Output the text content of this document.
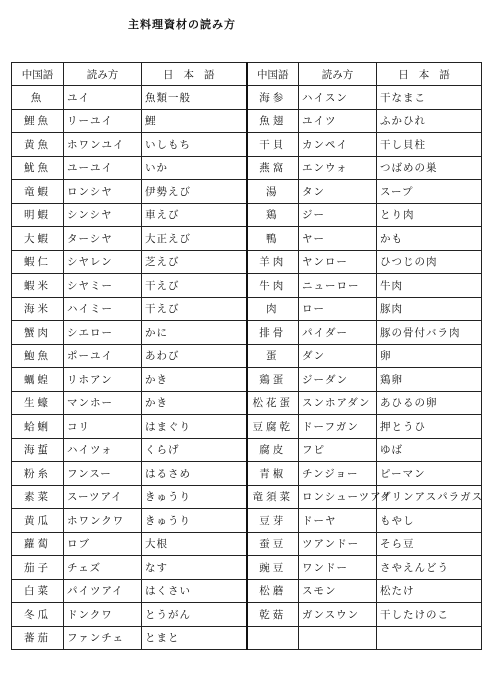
主料理資材の読み方
中国語	読み方	日本語	中国語	読み方	日本語
魚	ユイ	魚類一般	海参	ハイスン	干なまこ
鯉魚	リーユイ	鯉	魚翅	ユイツ	ふかひれ
黄魚	ホワンユイ	いしもち	干貝	カンペイ	干し貝柱
魷魚	ユーユイ	いか	燕窩	エンウォ	つばめの巣
竜蝦	ロンシヤ	伊勢えび	湯	タン	スープ
明蝦	シンシヤ	車えび	鶏	ジー	とり肉
大蝦	ターシヤ	大正えび	鴨	ヤー	かも
蝦仁	シヤレン	芝えび	羊肉	ヤンロー	ひつじの肉
蝦米	シヤミー	干えび	牛肉	ニューロー	牛肉
海米	ハイミー	干えび	肉	ロー	豚肉
蟹肉	シエロー	かに	排骨	パイダー	豚の骨付バラ肉
鮑魚	ポーユイ	あわび	蛋	ダン	卵
蠣蝗	リホアン	かき	鶏蛋	ジーダン	鶏卵
生蠔	マンホー	かき	松花蛋	スンホアダン	あひるの卵
蛤蜊	コリ	はまぐり	豆腐乾	ドーフガン	押とうひ
海蜇	ハイツォ	くらげ	腐皮	フピ	ゆば
粉糸	フンスー	はるさめ	青椒	チンジョー	ピーマン
素菜	スーツアイ	きゅうり	竜須菜	ロンシューツアイ	グリンアスパラガス
黄瓜	ホワンクワ	きゅうり	豆芽	ドーヤ	もやし
蘿蔔	ロブ	大根	蚕豆	ツアンドー	そら豆
茄子	チェズ	なす	豌豆	ワンドー	さやえんどう
白菜	パイツアイ	はくさい	松蘑	スモン	松たけ
冬瓜	ドンクワ	とうがん	乾菇	ガンスウン	干したけのこ
蕃茄	ファンチェ	とまと			
